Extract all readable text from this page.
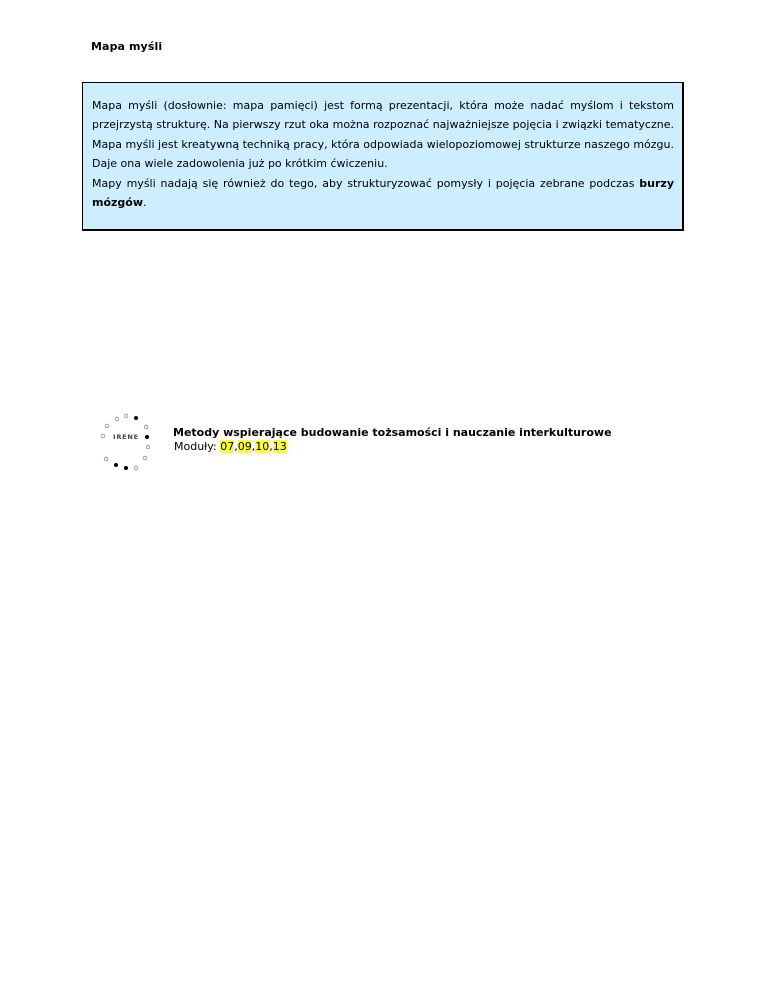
Mapa myśli

Mapa myśli (dosłownie: mapa pamięci) jest formą prezentacji, która może nadać myślom i tekstom przejrzystą strukturę. Na pierwszy rzut oka można rozpoznać najważniejsze pojęcia i związki tematyczne. Mapa myśli jest kreatywną techniką pracy, która odpowiada wielopoziomowej strukturze naszego mózgu. Daje ona wiele zadowolenia już po krótkim ćwiczeniu.

Mapy myśli nadają się również do tego, aby strukturyzować pomysły i pojęcia zebrane podczas burzy mózgów.

IRENE	Metody wspierające budowanie tożsamości i nauczanie interkulturowe
Moduły: 07,09,10,13
